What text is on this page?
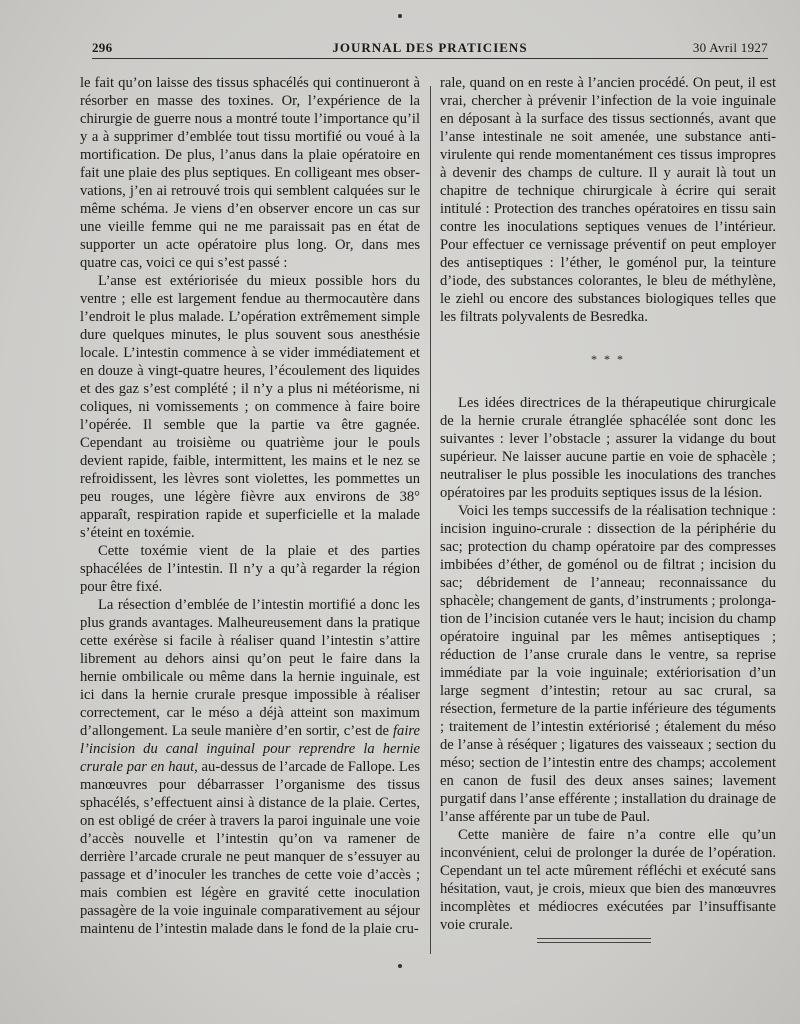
296	JOURNAL DES PRATICIENS	30 Avril 1927

le fait qu’on laisse des tissus sphacélés qui continueront à résorber en masse des toxines. Or, l’expérience de la chirurgie de guerre nous a montré toute l’importance qu’il y a à supprimer d’emblée tout tissu mortifié ou voué à la mortification. De plus, l’anus dans la plaie opératoire en fait une plaie des plus septiques. En colligeant mes observations, j’en ai retrouvé trois qui semblent calquées sur le même schéma. Je viens d’en observer encore un cas sur une vieille femme qui ne me paraissait pas en état de supporter un acte opératoire plus long. Or, dans mes quatre cas, voici ce qui s’est passé :

L’anse est extériorisée du mieux possible hors du ventre ; elle est largement fendue au thermocautère dans l’endroit le plus malade. L’opération extrêmement simple dure quelques minutes, le plus souvent sous anesthésie locale. L’intestin commence à se vider immédiatement et en douze à vingt-quatre heures, l’écoulement des liquides et des gaz s’est complété ; il n’y a plus ni météorisme, ni coliques, ni vomissements ; on commence à faire boire l’opérée. Il semble que la partie va être gagnée. Cependant au troisième ou quatrième jour le pouls devient rapide, faible, intermittent, les mains et le nez se refroidissent, les lèvres sont violettes, les pommettes un peu rouges, une légère fièvre aux environs de 38° apparaît, respiration rapide et superficielle et la malade s’éteint en toxémie.

Cette toxémie vient de la plaie et des parties sphacélées de l’intestin. Il n’y a qu’à regarder la région pour être fixé.

La résection d’emblée de l’intestin mortifié a donc les plus grands avantages. Malheureusement dans la pratique cette exérèse si facile à réaliser quand l’intestin s’attire librement au dehors ainsi qu’on peut le faire dans la hernie ombilicale ou même dans la hernie inguinale, est ici dans la hernie crurale presque impossible à réaliser correctement, car le méso a déjà atteint son maximum d’allongement. La seule manière d’en sortir, c’est de faire l’incision du canal inguinal pour reprendre la hernie crurale par en haut, au-dessus de l’arcade de Fallope. Les manœuvres pour débarrasser l’organisme des tissus sphacélés, s’effectuent ainsi à distance de la plaie. Certes, on est obligé de créer à travers la paroi inguinale une voie d’accès nouvelle et l’intestin qu’on va ramener de derrière l’arcade crurale ne peut manquer de s’essuyer au passage et d’inoculer les tranches de cette voie d’accès ; mais combien est légère en gravité cette inoculation passagère de la voie inguinale comparativement au séjour maintenu de l’intestin malade dans le fond de la plaie cru-

rale, quand on en reste à l’ancien procédé. On peut, il est vrai, chercher à prévenir l’infection de la voie inguinale en déposant à la surface des tissus sectionnés, avant que l’anse intestinale ne soit amenée, une substance anti-virulente qui rende momentanément ces tissus impropres à devenir des champs de culture. Il y aurait là tout un chapitre de technique chirurgicale à écrire qui serait intitulé : Protection des tranches opératoires en tissu sain contre les inoculations septiques venues de l’intérieur. Pour effectuer ce vernissage préventif on peut employer des antiseptiques : l’éther, le goménol pur, la teinture d’iode, des substances colorantes, le bleu de méthylène, le ziehl ou encore des substances biologiques telles que les filtrats polyvalents de Besredka.

* * *

Les idées directrices de la thérapeutique chirurgicale de la hernie crurale étranglée sphacélée sont donc les suivantes : lever l’obstacle ; assurer la vidange du bout supérieur. Ne laisser aucune partie en voie de sphacèle ; neutraliser le plus possible les inoculations des tranches opératoires par les produits septiques issus de la lésion.

Voici les temps successifs de la réalisation technique : incision inguino-crurale : dissection de la périphérie du sac; protection du champ opératoire par des compresses imbibées d’éther, de goménol ou de filtrat ; incision du sac; débridement de l’anneau; reconnaissance du sphacèle; changement de gants, d’instruments ; prolongation de l’incision cutanée vers le haut; incision du champ opératoire inguinal par les mêmes antiseptiques ; réduction de l’anse crurale dans le ventre, sa reprise immédiate par la voie inguinale; extériorisation d’un large segment d’intestin; retour au sac crural, sa résection, fermeture de la partie inférieure des téguments ; traitement de l’intestin extériorisé ; étalement du méso de l’anse à réséquer ; ligatures des vaisseaux ; section du méso; section de l’intestin entre des champs; accolement en canon de fusil des deux anses saines; lavement purgatif dans l’anse efférente ; installation du drainage de l’anse afférente par un tube de Paul.

Cette manière de faire n’a contre elle qu’un inconvénient, celui de prolonger la durée de l’opération. Cependant un tel acte mûrement réfléchi et exécuté sans hésitation, vaut, je crois, mieux que bien des manœuvres incomplètes et médiocres exécutées par l’insuffisante voie crurale.
